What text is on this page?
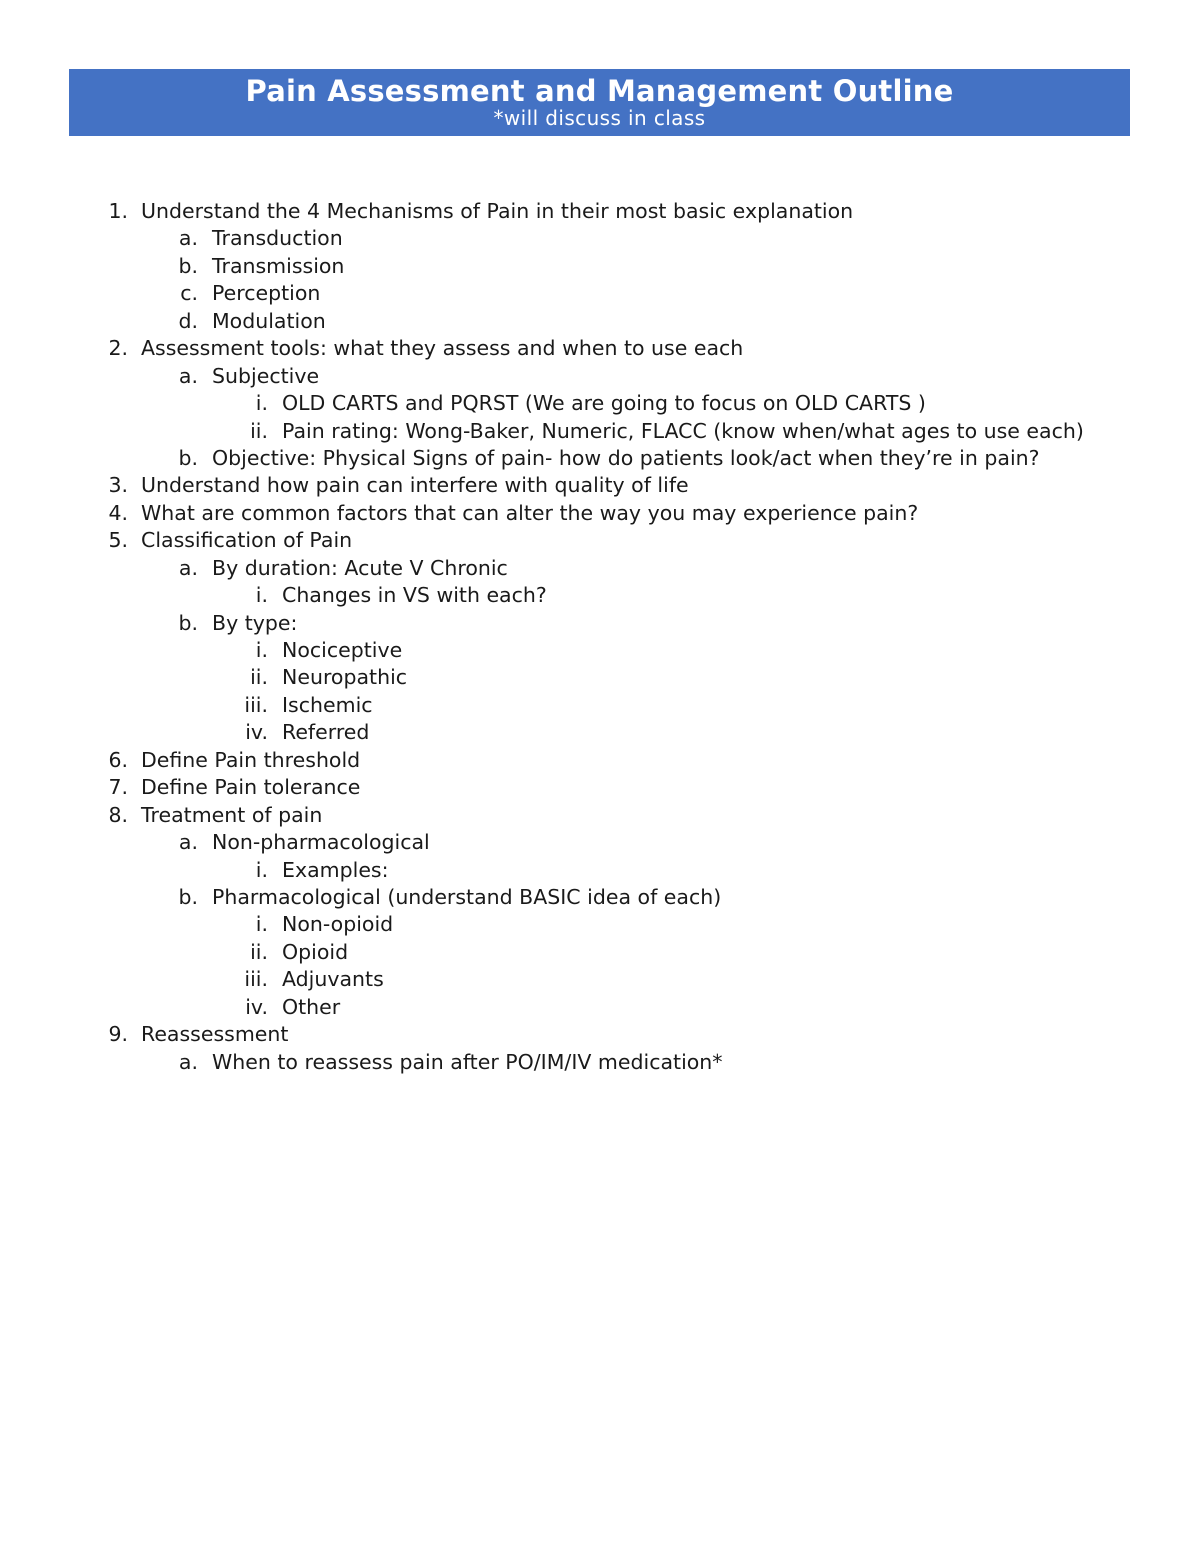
Pain Assessment and Management Outline
*will discuss in class
1. Understand the 4 Mechanisms of Pain in their most basic explanation
a. Transduction
b. Transmission
c. Perception
d. Modulation
2. Assessment tools: what they assess and when to use each
a. Subjective
i. OLD CARTS and PQRST (We are going to focus on OLD CARTS )
ii. Pain rating: Wong-Baker, Numeric, FLACC (know when/what ages to use each)
b. Objective: Physical Signs of pain- how do patients look/act when they’re in pain?
3. Understand how pain can interfere with quality of life
4. What are common factors that can alter the way you may experience pain?
5. Classification of Pain
a. By duration: Acute V Chronic
i. Changes in VS with each?
b. By type:
i. Nociceptive
ii. Neuropathic
iii. Ischemic
iv. Referred
6. Define Pain threshold
7. Define Pain tolerance
8. Treatment of pain
a. Non-pharmacological
i. Examples:
b. Pharmacological (understand BASIC idea of each)
i. Non-opioid
ii. Opioid
iii. Adjuvants
iv. Other
9. Reassessment
a. When to reassess pain after PO/IM/IV medication*
